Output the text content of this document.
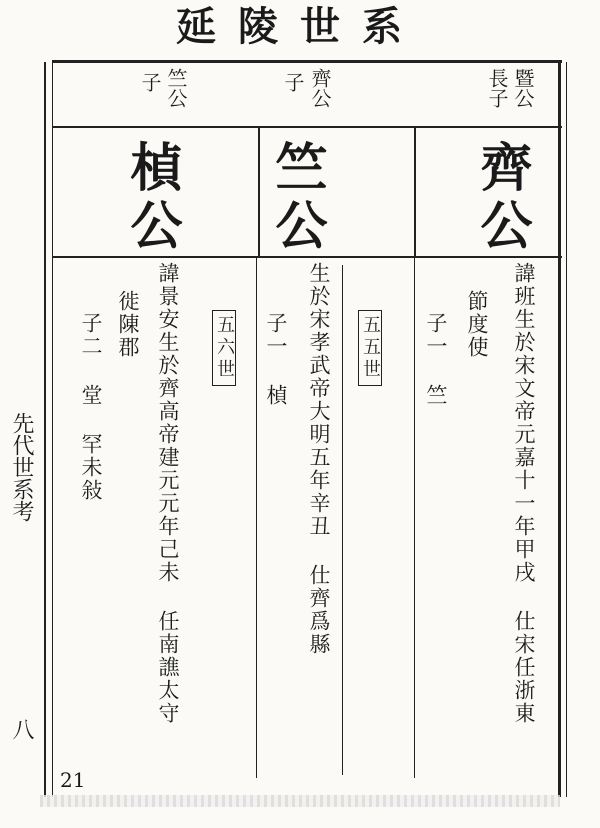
延陵世系
暨公
長子
齊公
諱班生於宋文帝元嘉十一年甲戌 仕宋任浙東
節度使
子一 竺
齊公
子
竺公
生於宋孝武帝大明五年辛丑 仕齊爲縣 五五世
子一 楨
竺公
子
楨公
五六世
諱景安生於齊高帝建元元年己未 任南譙太守
徙陳郡
子二 堂 罕未敍
先代世系考
八
21
